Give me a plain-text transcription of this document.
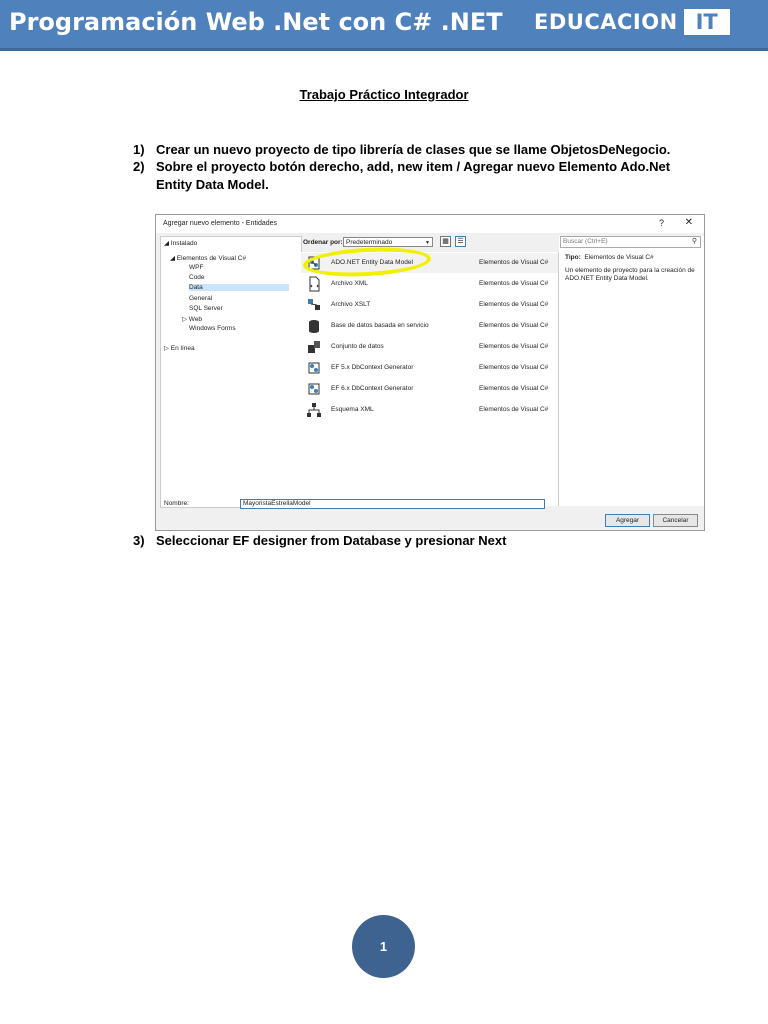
Programación Web .Net con C# .NET EDUCACION IT
Trabajo Práctico Integrador
1) Crear un nuevo proyecto de tipo librería de clases que se llame ObjetosDeNegocio.
2) Sobre el proyecto botón derecho, add, new item / Agregar nuevo Elemento Ado.Net
Entity Data Model.
Agregar nuevo elemento - Entidades	? ✕
◢ Instalado
◢ Elementos de Visual C#
WPF
Code
Data
General
SQL Server
▷ Web
Windows Forms
▷ En línea
Ordenar por: Predeterminado	▼	▦	☰
ADO.NET Entity Data Model	Elementos de Visual C#
Archivo XML	Elementos de Visual C#
Archivo XSLT	Elementos de Visual C#
Base de datos basada en servicio	Elementos de Visual C#
Conjunto de datos	Elementos de Visual C#
EF 5.x DbContext Generator	Elementos de Visual C#
EF 6.x DbContext Generator	Elementos de Visual C#
Esquema XML	Elementos de Visual C#
Buscar (Ctrl+E)	⚲
Tipo: Elementos de Visual C#
Un elemento de proyecto para la creación de ADO.NET Entity Data Model.
Nombre:	MayoristaEstrellaModel
Agregar	Cancelar
3) Seleccionar EF designer from Database y presionar Next
1
